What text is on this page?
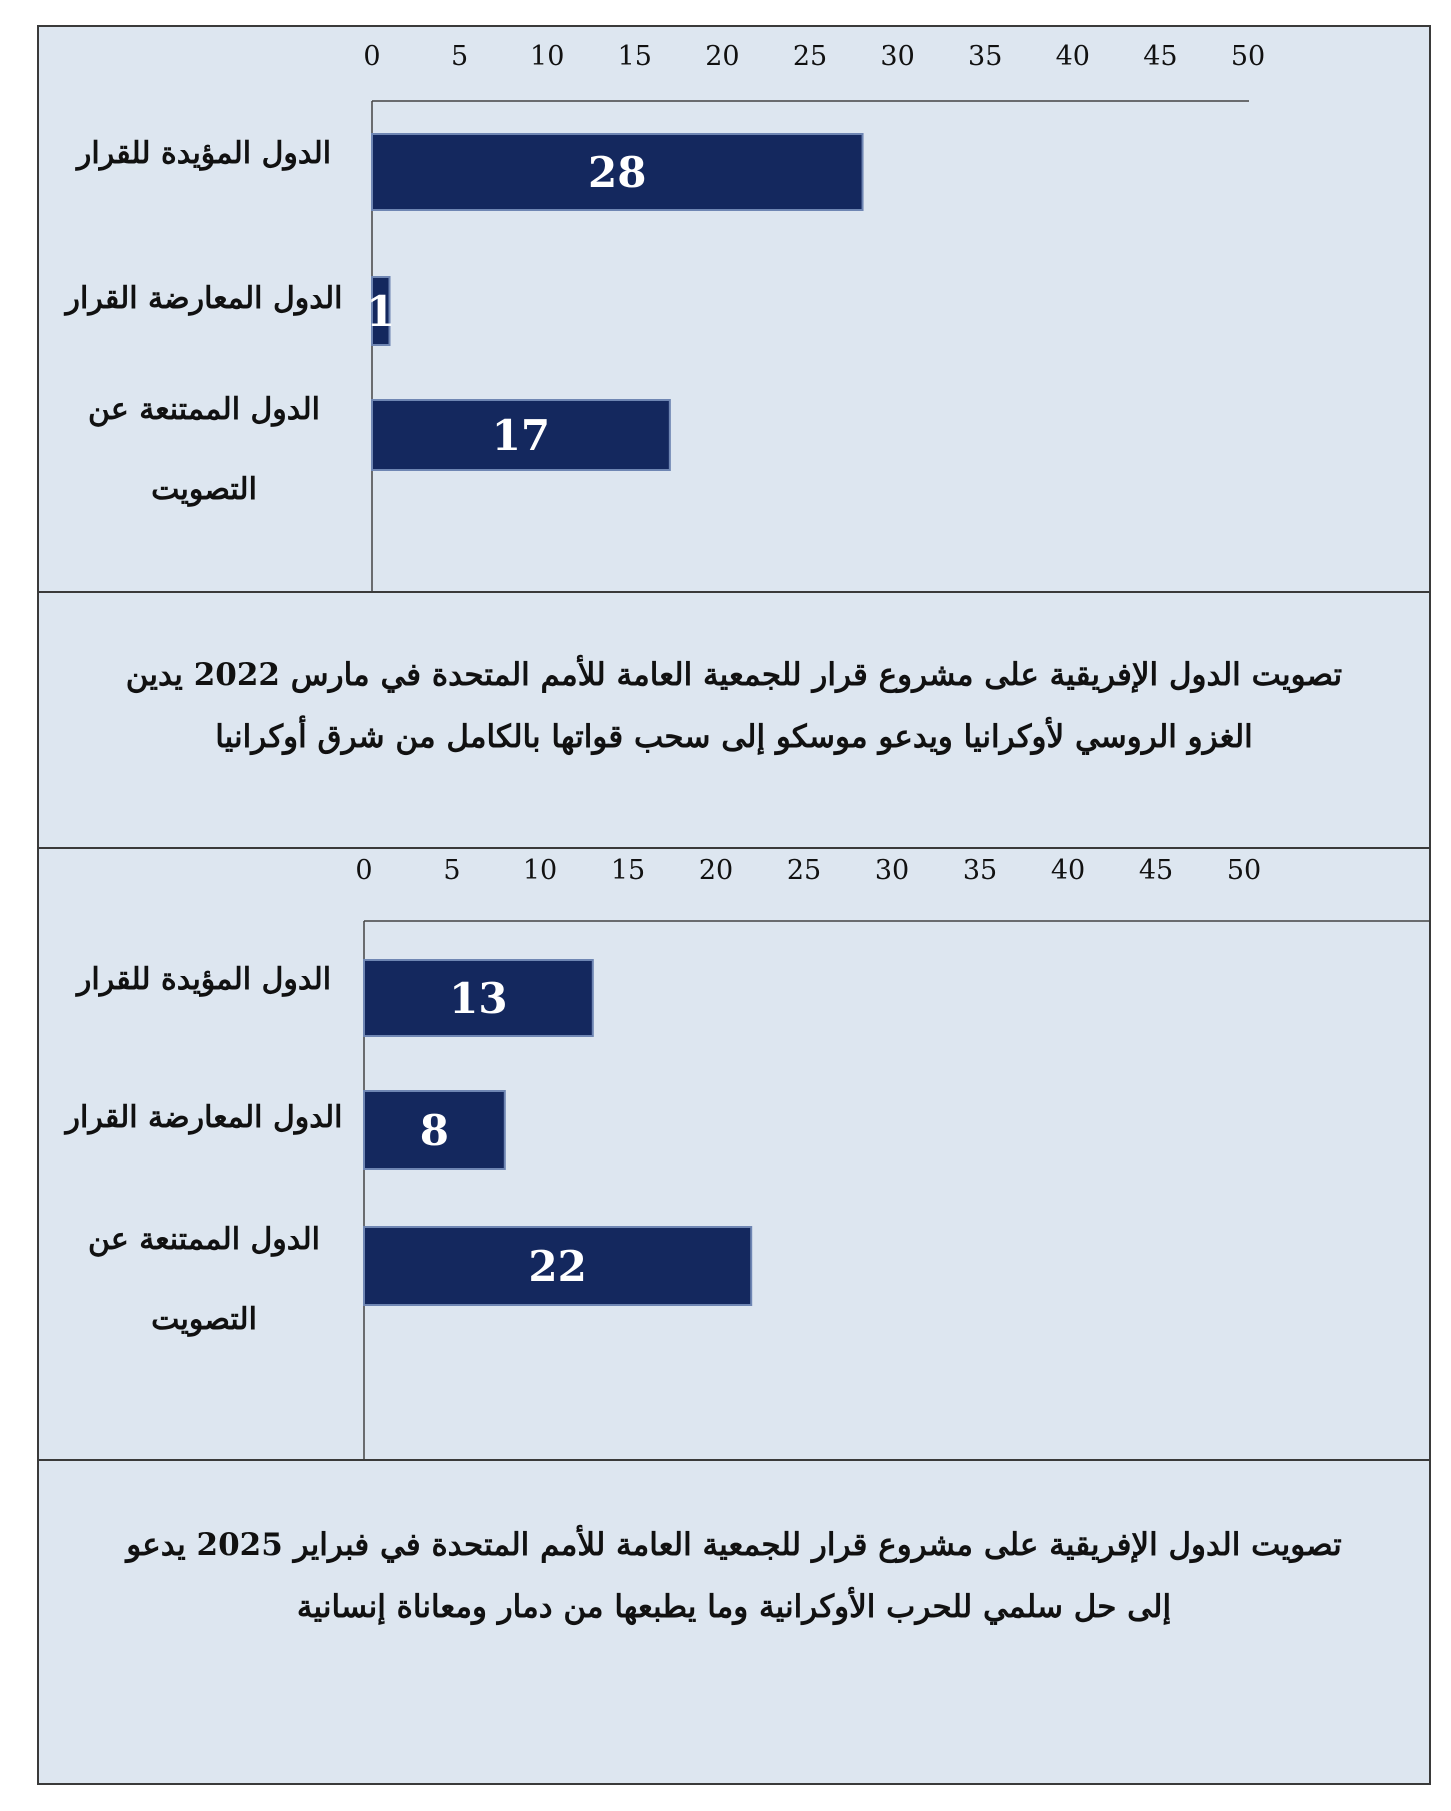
0	5 10 15 20 25 30 35 40 45 50
28
الدول المؤيدة للقرار
1
الدول المعارضة القرار
17
الدول الممتنعة عن
التصويت
تصويت الدول الإفريقية على مشروع قرار للجمعية العامة للأمم المتحدة في مارس 2022 يدين
الغزو الروسي لأوكرانيا ويدعو موسكو إلى سحب قواتها بالكامل من شرق أوكرانيا
0	5 10 15 20 25 30 35 40 45 50
13
الدول المؤيدة للقرار
8
الدول المعارضة القرار
22
الدول الممتنعة عن
التصويت
تصويت الدول الإفريقية على مشروع قرار للجمعية العامة للأمم المتحدة في فبراير 2025 يدعو
إلى حل سلمي للحرب الأوكرانية وما يطبعها من دمار ومعاناة إنسانية
